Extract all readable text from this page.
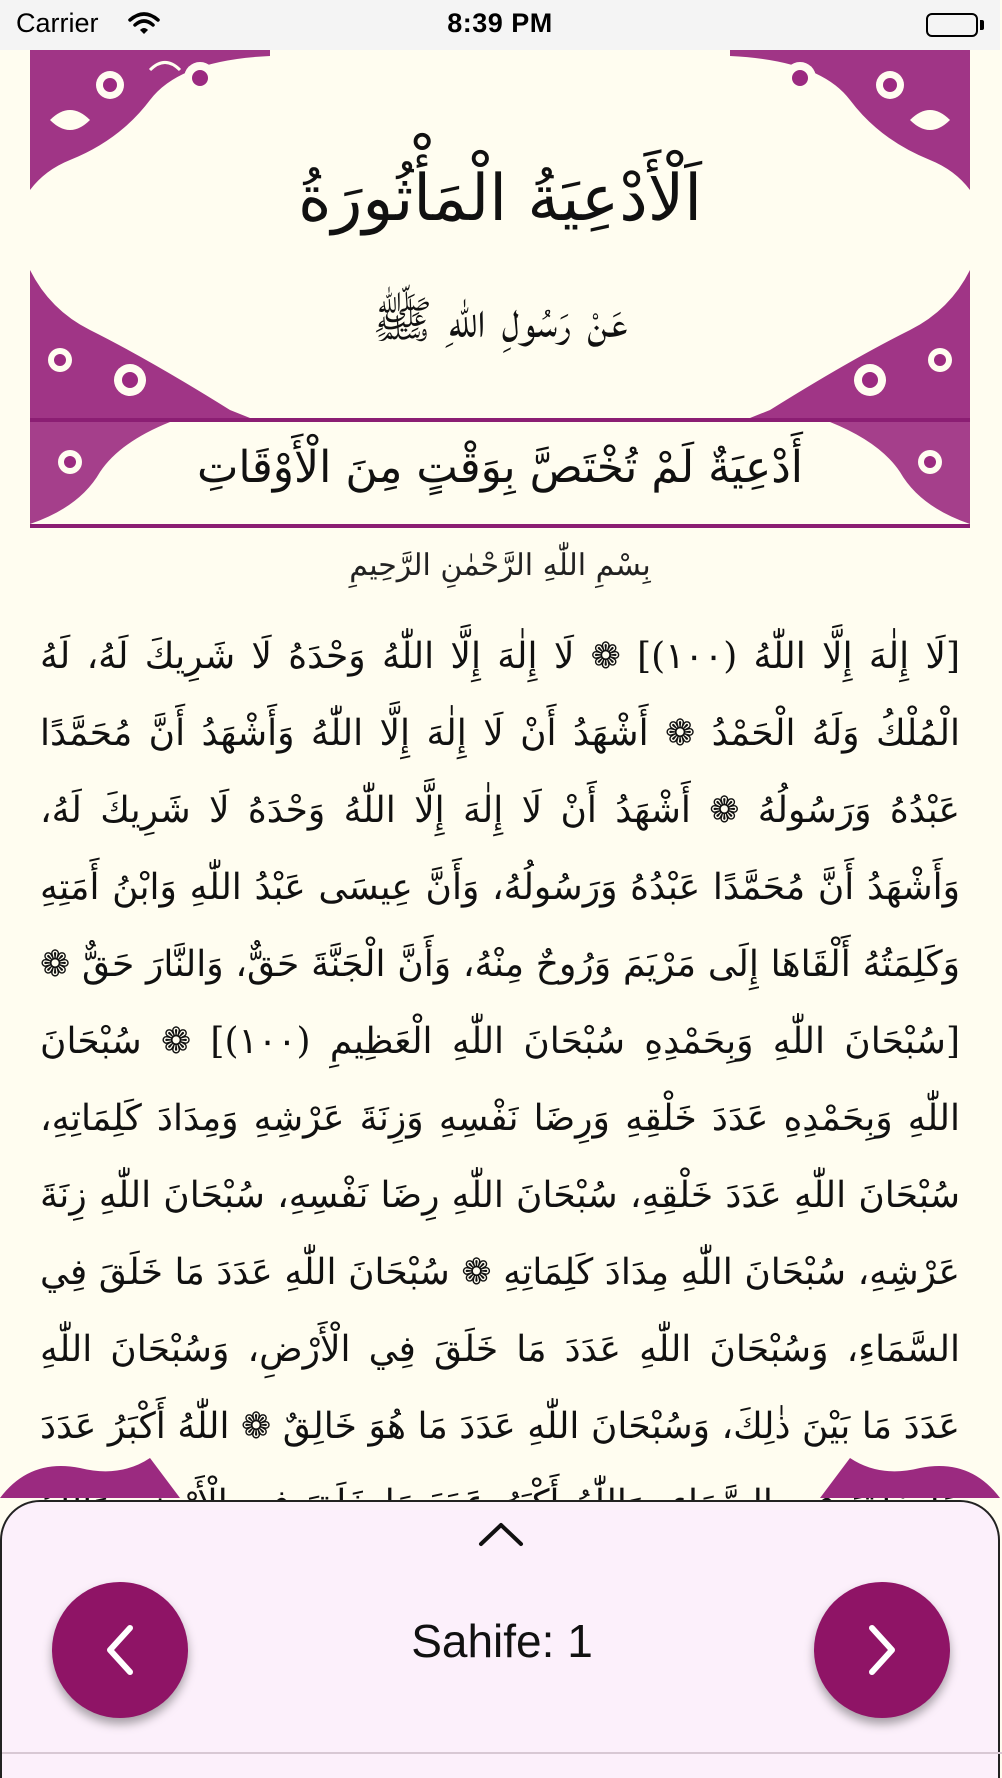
Carrier	8:39 PM
اَلْأَدْعِيَةُ الْمَأْثُورَةُ
عَنْ رَسُولِ اللّٰهِ ﷺ
أَدْعِيَةٌ لَمْ تُخْتَصَّ بِوَقْتٍ مِنَ الْأَوْقَاتِ
بِسْمِ اللّٰهِ الرَّحْمٰنِ الرَّحِيمِ
[لَا إِلٰهَ إِلَّا اللّٰهُ (١٠٠)] ❁ لَا إِلٰهَ إِلَّا اللّٰهُ وَحْدَهُ لَا شَرِيكَ لَهُ، لَهُ الْمُلْكُ وَلَهُ الْحَمْدُ ❁ أَشْهَدُ أَنْ لَا إِلٰهَ إِلَّا اللّٰهُ وَأَشْهَدُ أَنَّ مُحَمَّدًا عَبْدُهُ وَرَسُولُهُ ❁ أَشْهَدُ أَنْ لَا إِلٰهَ إِلَّا اللّٰهُ وَحْدَهُ لَا شَرِيكَ لَهُ، وَأَشْهَدُ أَنَّ مُحَمَّدًا عَبْدُهُ وَرَسُولُهُ، وَأَنَّ عِيسَى عَبْدُ اللّٰهِ وَابْنُ أَمَتِهِ وَكَلِمَتُهُ أَلْقَاهَا إِلَى مَرْيَمَ وَرُوحٌ مِنْهُ، وَأَنَّ الْجَنَّةَ حَقٌّ، وَالنَّارَ حَقٌّ ❁ [سُبْحَانَ اللّٰهِ وَبِحَمْدِهِ سُبْحَانَ اللّٰهِ الْعَظِيمِ (١٠٠)] ❁ سُبْحَانَ اللّٰهِ وَبِحَمْدِهِ عَدَدَ خَلْقِهِ وَرِضَا نَفْسِهِ وَزِنَةَ عَرْشِهِ وَمِدَادَ كَلِمَاتِهِ، سُبْحَانَ اللّٰهِ عَدَدَ خَلْقِهِ، سُبْحَانَ اللّٰهِ رِضَا نَفْسِهِ، سُبْحَانَ اللّٰهِ زِنَةَ عَرْشِهِ، سُبْحَانَ اللّٰهِ مِدَادَ كَلِمَاتِهِ ❁ سُبْحَانَ اللّٰهِ عَدَدَ مَا خَلَقَ فِي السَّمَاءِ، وَسُبْحَانَ اللّٰهِ عَدَدَ مَا خَلَقَ فِي الْأَرْضِ، وَسُبْحَانَ اللّٰهِ عَدَدَ مَا بَيْنَ ذٰلِكَ، وَسُبْحَانَ اللّٰهِ عَدَدَ مَا هُوَ خَالِقٌ ❁ اللّٰهُ أَكْبَرُ عَدَدَ
Sahife: 1
